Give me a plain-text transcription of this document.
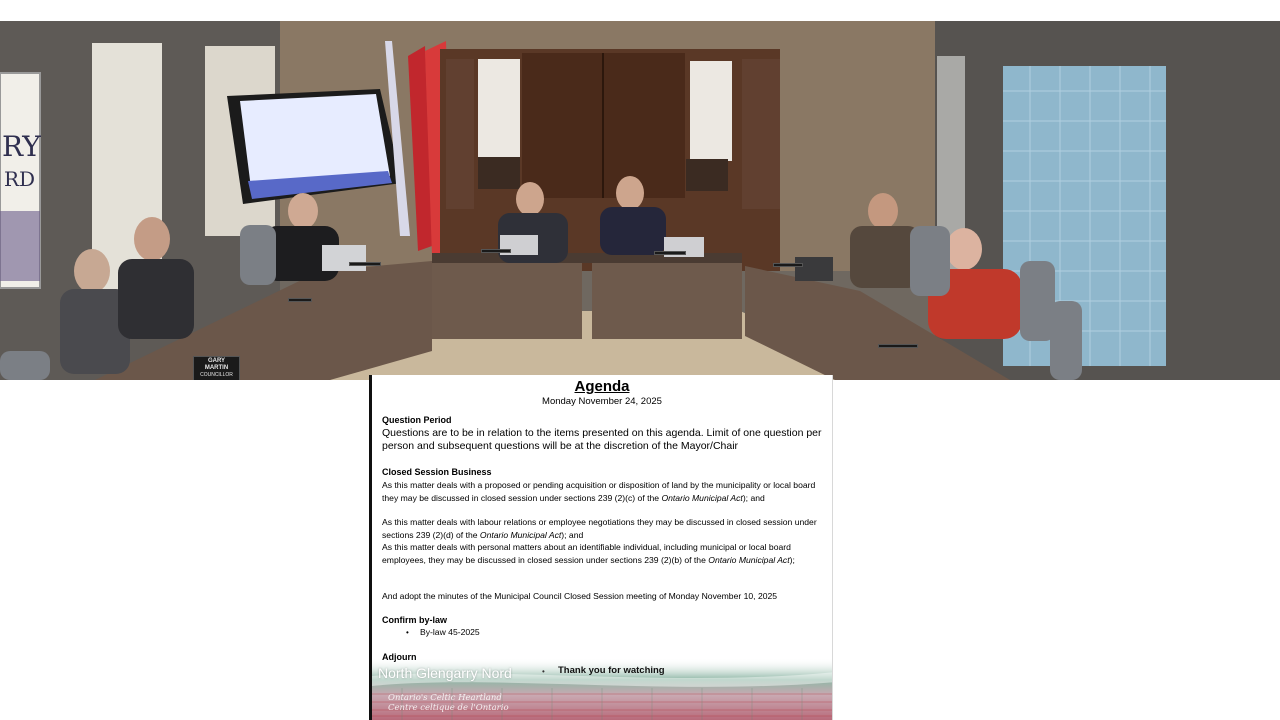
RY
RD
GARY MARTIN
COUNCILLOR
Agenda
Monday November 24, 2025
Question Period
Questions are to be in relation to the items presented on this agenda. Limit of one question per person and subsequent questions will be at the discretion of the Mayor/Chair
Closed Session Business
As this matter deals with a proposed or pending acquisition or disposition of land by the municipality or local board they may be discussed in closed session under sections 239 (2)(c) of the Ontario Municipal Act); and
As this matter deals with labour relations or employee negotiations they may be discussed in closed session under sections 239 (2)(d) of the Ontario Municipal Act); and
As this matter deals with personal matters about an identifiable individual, including municipal or local board employees, they may be discussed in closed session under sections 239 (2)(b) of the Ontario Municipal Act);
And adopt the minutes of the Municipal Council Closed Session meeting of Monday November 10, 2025
Confirm by-law
• By-law 45-2025
Adjourn
North Glengarry Nord	• Thank you for watching
Ontario's Celtic Heartland
Centre celtique de l'Ontario
